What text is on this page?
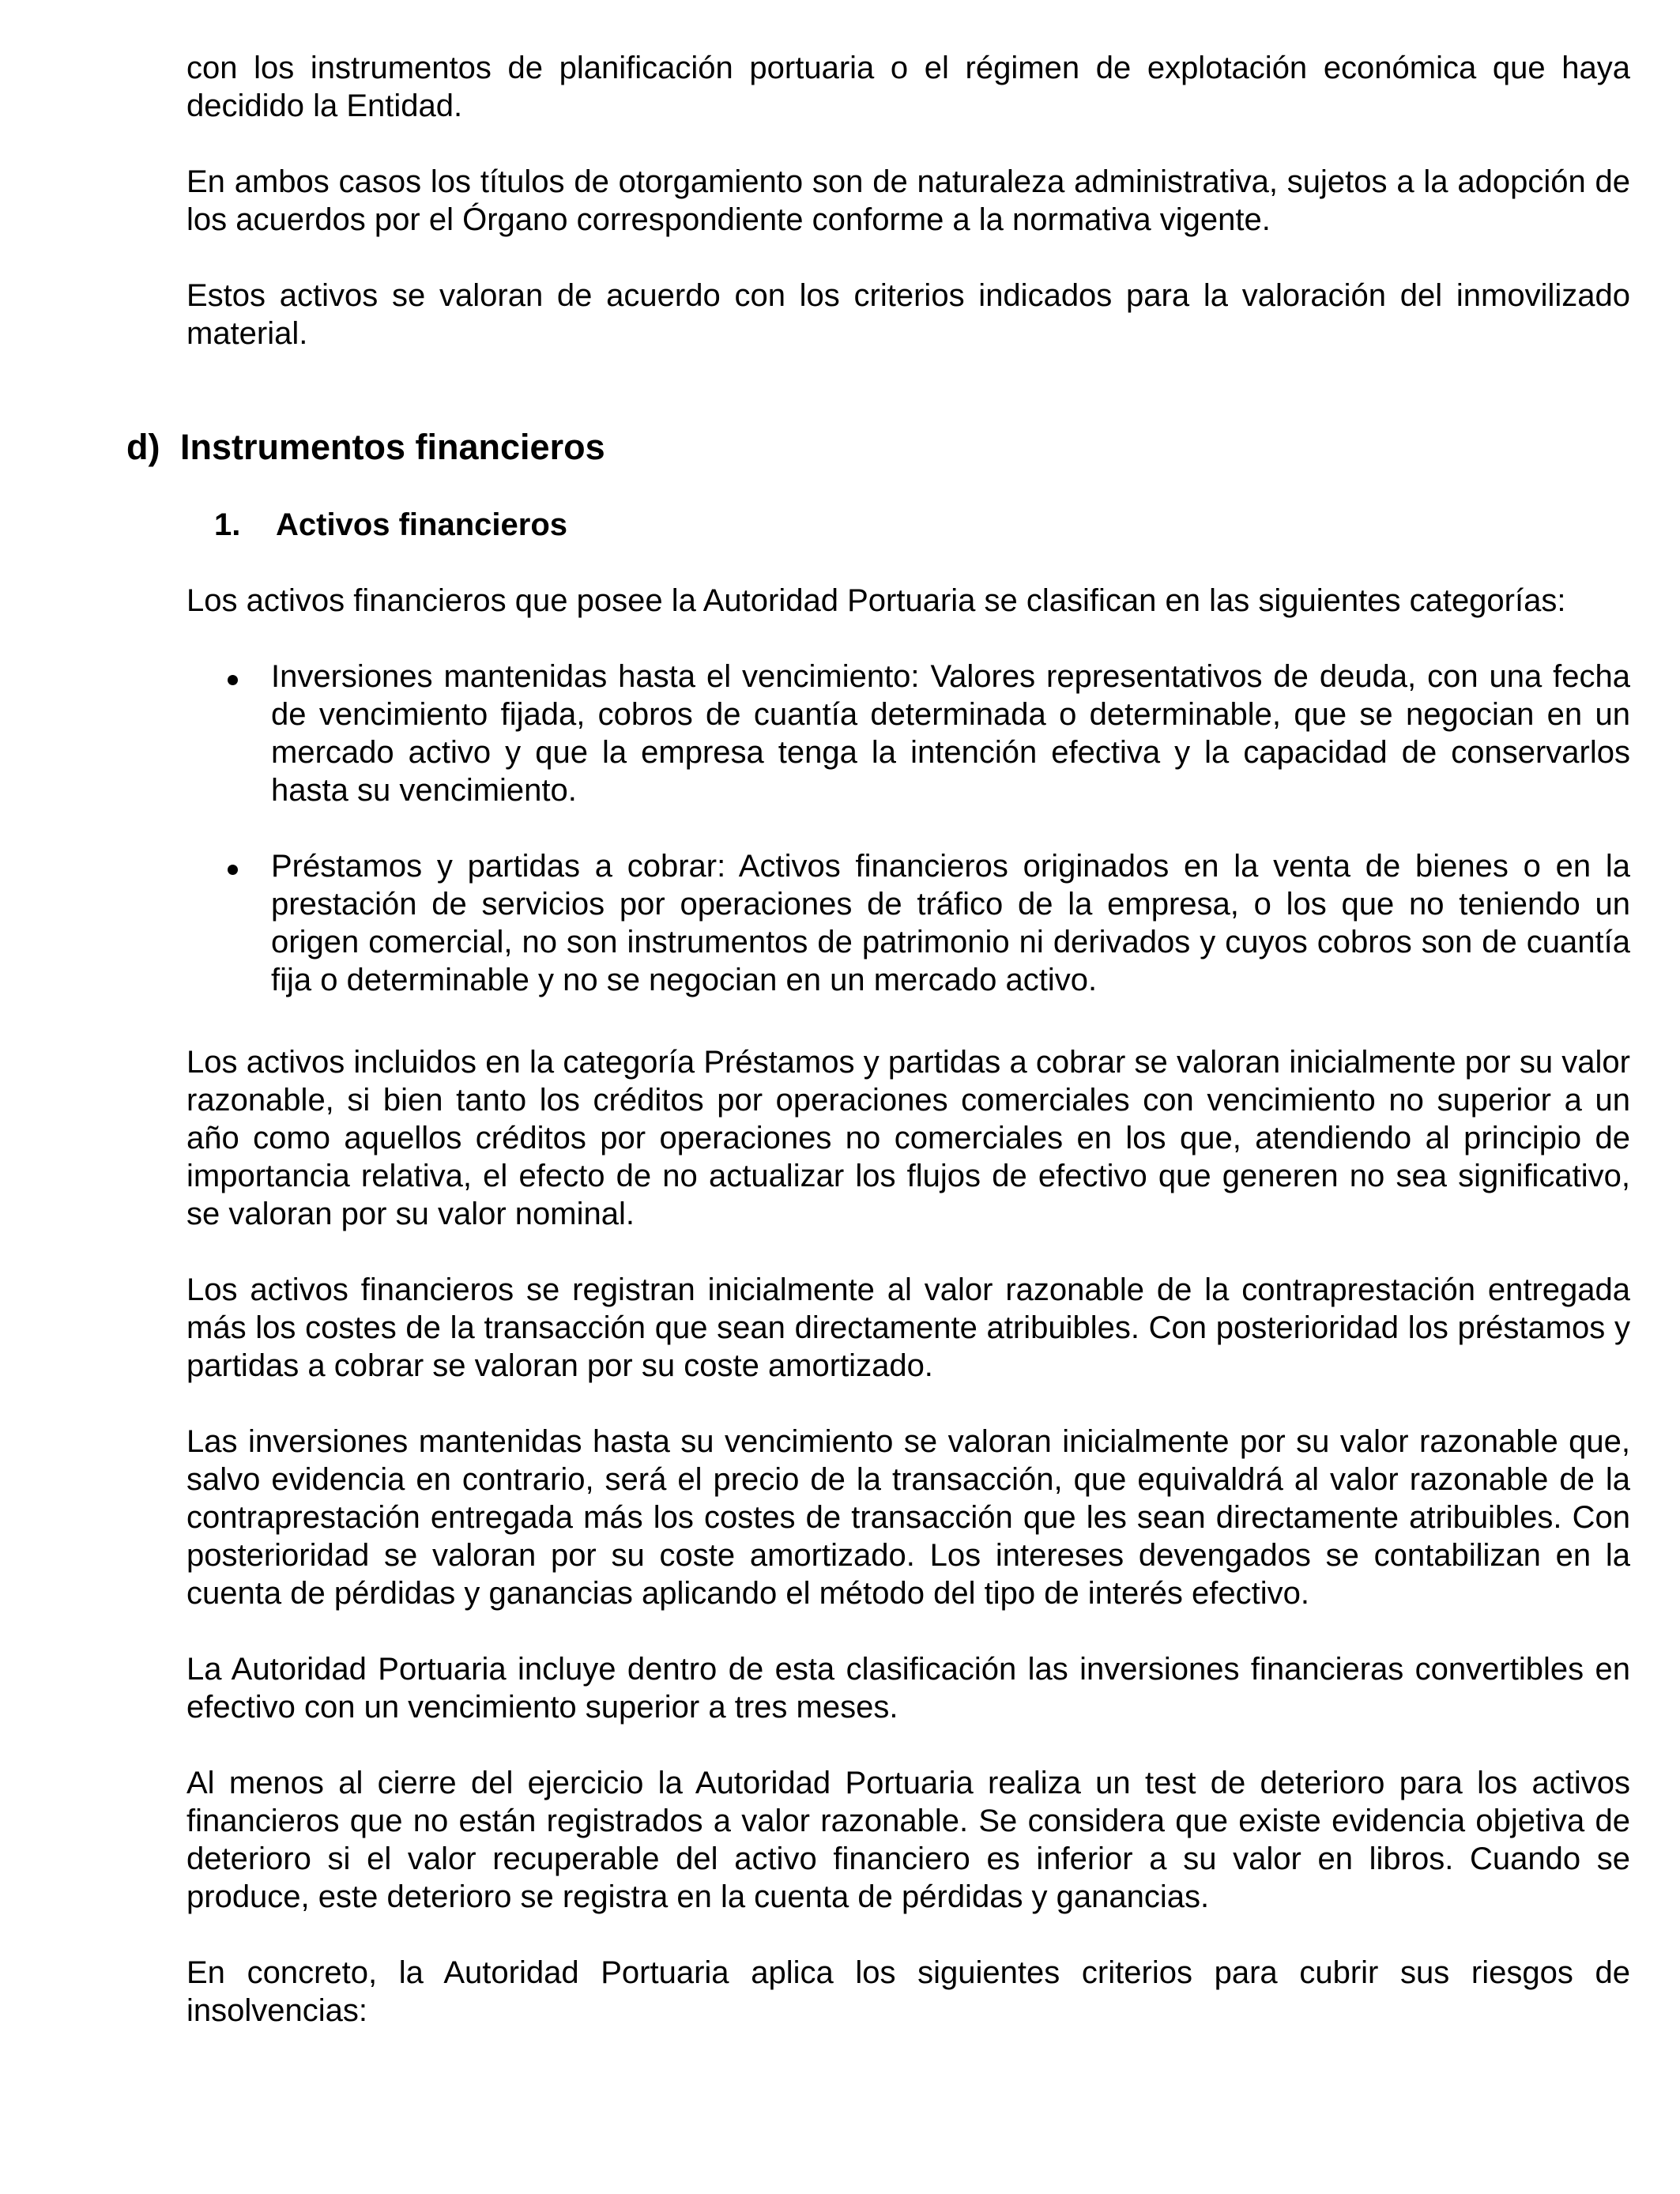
con los instrumentos de planificación portuaria o el régimen de explotación económica que haya decidido la Entidad.

En ambos casos los títulos de otorgamiento son de naturaleza administrativa, sujetos a la adopción de los acuerdos por el Órgano correspondiente conforme a la normativa vigente.

Estos activos se valoran de acuerdo con los criterios indicados para la valoración del inmovilizado material.

d) Instrumentos financieros
1. Activos financieros

Los activos financieros que posee la Autoridad Portuaria se clasifican en las siguientes categorías:

Inversiones mantenidas hasta el vencimiento: Valores representativos de deuda, con una fecha de vencimiento fijada, cobros de cuantía determinada o determinable, que se negocian en un mercado activo y que la empresa tenga la intención efectiva y la capacidad de conservarlos hasta su vencimiento.

Préstamos y partidas a cobrar: Activos financieros originados en la venta de bienes o en la prestación de servicios por operaciones de tráfico de la empresa, o los que no teniendo un origen comercial, no son instrumentos de patrimonio ni derivados y cuyos cobros son de cuantía fija o determinable y no se negocian en un mercado activo.

Los activos incluidos en la categoría Préstamos y partidas a cobrar se valoran inicialmente por su valor razonable, si bien tanto los créditos por operaciones comerciales con vencimiento no superior a un año como aquellos créditos por operaciones no comerciales en los que, atendiendo al principio de importancia relativa, el efecto de no actualizar los flujos de efectivo que generen no sea significativo, se valoran por su valor nominal.

Los activos financieros se registran inicialmente al valor razonable de la contraprestación entregada más los costes de la transacción que sean directamente atribuibles. Con posterioridad los préstamos y partidas a cobrar se valoran por su coste amortizado.

Las inversiones mantenidas hasta su vencimiento se valoran inicialmente por su valor razonable que, salvo evidencia en contrario, será el precio de la transacción, que equivaldrá al valor razonable de la contraprestación entregada más los costes de transacción que les sean directamente atribuibles. Con posterioridad se valoran por su coste amortizado. Los intereses devengados se contabilizan en la cuenta de pérdidas y ganancias aplicando el método del tipo de interés efectivo.

La Autoridad Portuaria incluye dentro de esta clasificación las inversiones financieras convertibles en efectivo con un vencimiento superior a tres meses.

Al menos al cierre del ejercicio la Autoridad Portuaria realiza un test de deterioro para los activos financieros que no están registrados a valor razonable. Se considera que existe evidencia objetiva de deterioro si el valor recuperable del activo financiero es inferior a su valor en libros. Cuando se produce, este deterioro se registra en la cuenta de pérdidas y ganancias.

En concreto, la Autoridad Portuaria aplica los siguientes criterios para cubrir sus riesgos de insolvencias:
